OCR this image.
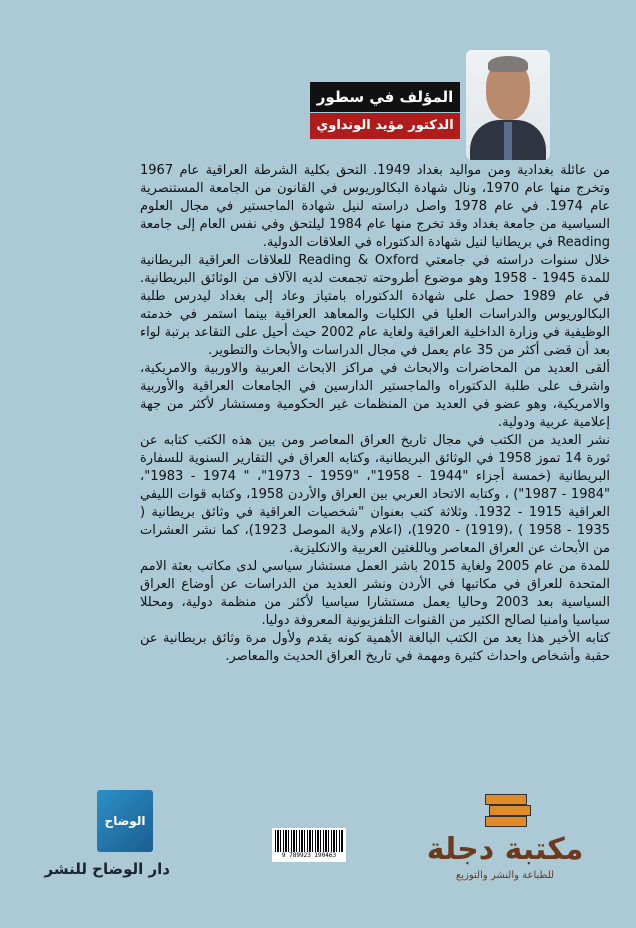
المؤلف في سطور
الدكتور مؤيد الونداوي

من عائلة بغدادية ومن مواليد بغداد 1949. التحق بكلية الشرطة العراقية عام 1967 وتخرج منها عام 1970، ونال شهادة البكالوريوس في القانون من الجامعة المستنصرية عام 1974. في عام 1978 واصل دراسته لنيل شهادة الماجستير في مجال العلوم السياسية من جامعة بغداد وقد تخرج منها عام 1984 ليلتحق وفي نفس العام إلى جامعة Reading في بريطانيا لنيل شهادة الدكتوراه في العلاقات الدولية.

خلال سنوات دراسته في جامعتي Reading & Oxford للعلاقات العراقية البريطانية للمدة 1945 - 1958 وهو موضوع أطروحته تجمعت لديه الآلاف من الوثائق البريطانية. في عام 1989 حصل على شهادة الدكتوراه بامتياز وعاد إلى بغداد ليدرس طلبة البكالوريوس والدراسات العليا في الكليات والمعاهد العراقية بينما استمر في خدمته الوظيفية في وزارة الداخلية العراقية ولغاية عام 2002 حيث أحيل على التقاعد برتبة لواء بعد أن قضى أكثر من 35 عام يعمل في مجال الدراسات والأبحاث والتطوير.

ألقى العديد من المحاضرات والابحاث في مراكز الابحاث العربية والاوربية والامريكية، واشرف على طلبة الدكتوراه والماجستير الدارسين في الجامعات العراقية والأوربية والامريكية، وهو عضو في العديد من المنظمات غير الحكومية ومستشار لأكثر من جهة إعلامية عربية ودولية.

نشر العديد من الكتب في مجال تاريخ العراق المعاصر ومن بين هذه الكتب كتابه عن ثورة 14 تموز 1958 في الوثائق البريطانية، وكتابه العراق في التقارير السنوية للسفارة البريطانية (خمسة أجزاء "1944 - 1958"، "1959 - 1973"، " 1974 - 1983"، "1984 - 1987") ، وكتابه الاتحاد العربي بين العراق والأردن 1958، وكتابه قوات الليفي العراقية 1915 - 1932. وثلاثة كتب بعنوان "شخصيات العراقية في وثائق بريطانية ( 1935 - 1958 ) ،(1919) - 1920)، (اعلام ولاية الموصل 1923)، كما نشر العشرات من الأبحاث عن العراق المعاصر وباللغتين العربية والانكليزية.

للمدة من عام 2005 ولغاية 2015 باشر العمل مستشار سياسي لدى مكاتب بعثة الامم المتحدة للعراق في مكاتبها في الأردن ونشر العديد من الدراسات عن أوضاع العراق السياسية بعد 2003 وحاليا يعمل مستشارا سياسيا لأكثر من منظمة دولية، ومحللا سياسيا وامنيا لصالح الكثير من القنوات التلفزيونية المعروفة دوليا.

كتابه الأخير هذا يعد من الكتب البالغة الأهمية كونه يقدم ولأول مرة وثائق بريطانية عن حقبة وأشخاص واحداث كثيرة ومهمة في تاريخ العراق الحديث والمعاصر.

الوضاح
دار الوضاح للنشر
9 789923 190463	مكتبة دجلة
للطباعة والنشر والتوزيع
